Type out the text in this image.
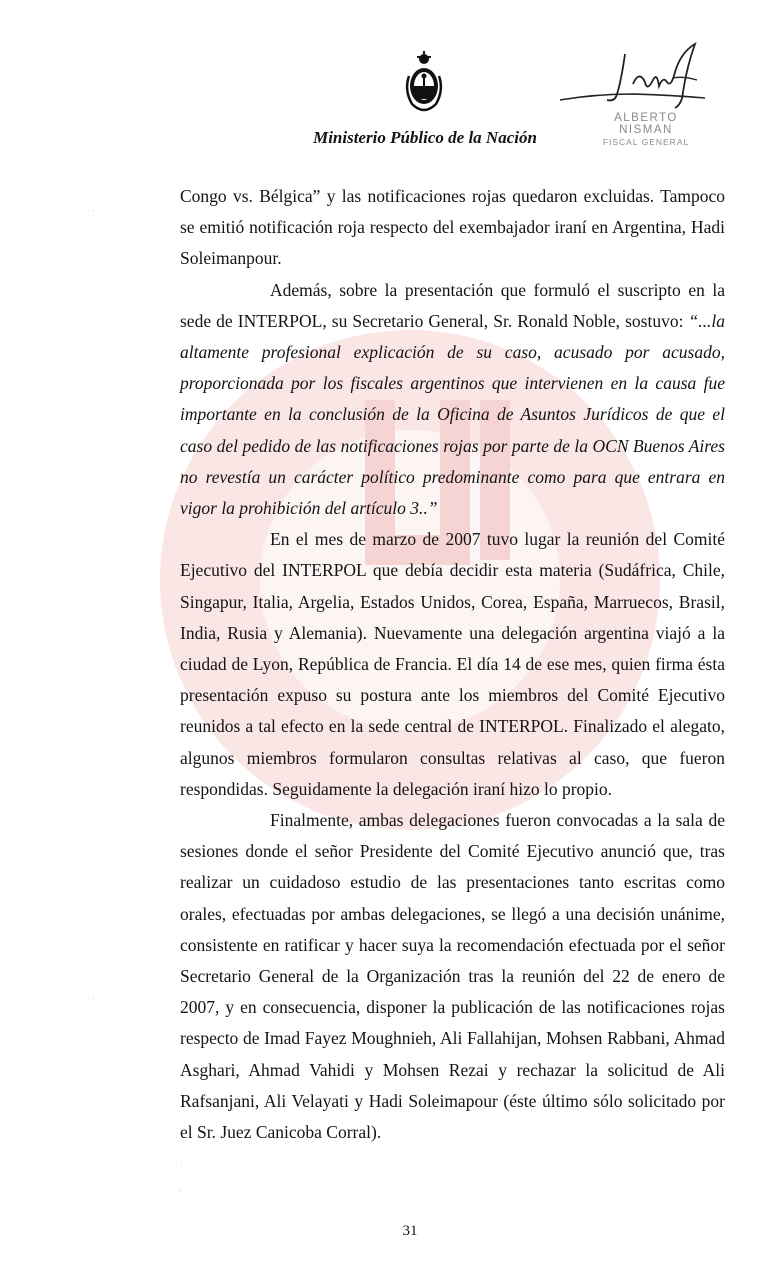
Ministerio Público de la Nación
ALBERTO NISMAN
FISCAL GENERAL
·
·
·
·

Congo vs. Bélgica” y las notificaciones rojas quedaron excluidas. Tampoco se emitió notificación roja respecto del exembajador iraní en Argentina, Hadi Soleimanpour.

Además, sobre la presentación que formuló el suscripto en la sede de INTERPOL, su Secretario General, Sr. Ronald Noble, sostuvo: “...la altamente profesional explicación de su caso, acusado por acusado, proporcionada por los fiscales argentinos que intervienen en la causa fue importante en la conclusión de la Oficina de Asuntos Jurídicos de que el caso del pedido de las notificaciones rojas por parte de la OCN Buenos Aires no revestía un carácter político predominante como para que entrara en vigor la prohibición del artículo 3..”

En el mes de marzo de 2007 tuvo lugar la reunión del Comité Ejecutivo del INTERPOL que debía decidir esta materia (Sudáfrica, Chile, Singapur, Italia, Argelia, Estados Unidos, Corea, España, Marruecos, Brasil, India, Rusia y Alemania). Nuevamente una delegación argentina viajó a la ciudad de Lyon, República de Francia. El día 14 de ese mes, quien firma ésta presentación expuso su postura ante los miembros del Comité Ejecutivo reunidos a tal efecto en la sede central de INTERPOL. Finalizado el alegato, algunos miembros formularon consultas relativas al caso, que fueron respondidas. Seguidamente la delegación iraní hizo lo propio.

Finalmente, ambas delegaciones fueron convocadas a la sala de sesiones donde el señor Presidente del Comité Ejecutivo anunció que, tras realizar un cuidadoso estudio de las presentaciones tanto escritas como orales, efectuadas por ambas delegaciones, se llegó a una decisión unánime, consistente en ratificar y hacer suya la recomendación efectuada por el señor Secretario General de la Organización tras la reunión del 22 de enero de 2007, y en consecuencia, disponer la publicación de las notificaciones rojas respecto de Imad Fayez Moughnieh, Ali Fallahijan, Mohsen Rabbani, Ahmad Asghari, Ahmad Vahidi y Mohsen Rezai y rechazar la solicitud de Ali Rafsanjani, Ali Velayati y Hadi Soleimapour (éste último sólo solicitado por el Sr. Juez Canicoba Corral).

31
